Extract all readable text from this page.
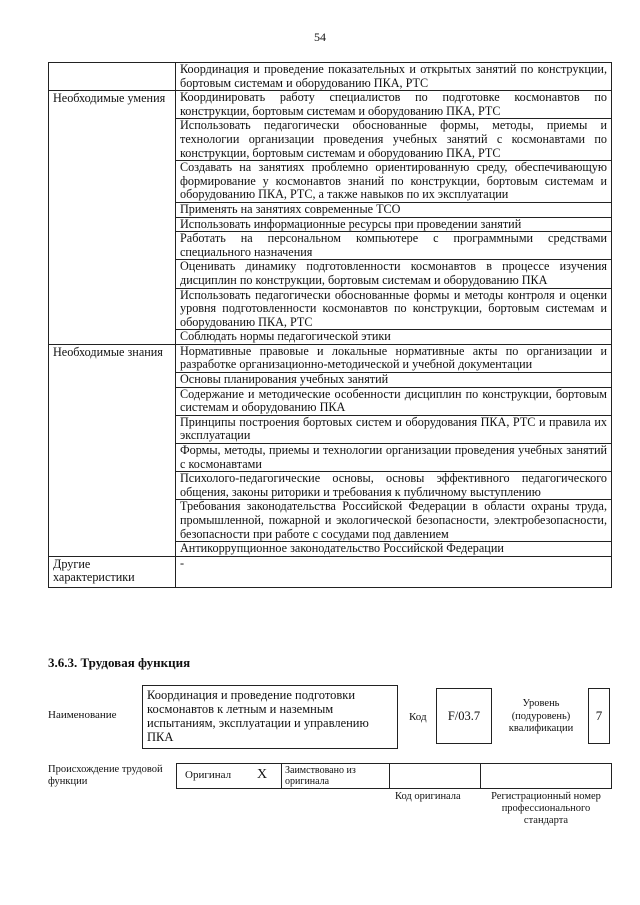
54
	Координация и проведение показательных и открытых занятий по конструкции, бортовым системам и оборудованию ПКА, РТС
Необходимые умения	Координировать работу специалистов по подготовке космонавтов по конструкции, бортовым системам и оборудованию ПКА, РТС
	Использовать педагогически обоснованные формы, методы, приемы и технологии организации проведения учебных занятий с космонавтами по конструкции, бортовым системам и оборудованию ПКА, РТС
	Создавать на занятиях проблемно ориентированную среду, обеспечивающую формирование у космонавтов знаний по конструкции, бортовым системам и оборудованию ПКА, РТС, а также навыков по их эксплуатации
	Применять на занятиях современные ТСО
	Использовать информационные ресурсы при проведении занятий
	Работать на персональном компьютере с программными средствами специального назначения
	Оценивать динамику подготовленности космонавтов в процессе изучения дисциплин по конструкции, бортовым системам и оборудованию ПКА
	Использовать педагогически обоснованные формы и методы контроля и оценки уровня подготовленности космонавтов по конструкции, бортовым системам и оборудованию ПКА, РТС
	Соблюдать нормы педагогической этики
Необходимые знания	Нормативные правовые и локальные нормативные акты по организации и разработке организационно-методической и учебной документации
	Основы планирования учебных занятий
	Содержание и методические особенности дисциплин по конструкции, бортовым системам и оборудованию ПКА
	Принципы построения бортовых систем и оборудования ПКА, РТС и правила их эксплуатации
	Формы, методы, приемы и технологии организации проведения учебных занятий с космонавтами
	Психолого-педагогические основы, основы эффективного педагогического общения, законы риторики и требования к публичному выступлению
	Требования законодательства Российской Федерации в области охраны труда, промышленной, пожарной и экологической безопасности, электробезопасности, безопасности при работе с сосудами под давлением
	Антикоррупционное законодательство Российской Федерации
Другие характеристики	-
3.6.3. Трудовая функция
Наименование
Координация и проведение подготовки космонавтов к летным и наземным испытаниям, эксплуатации и управлению ПКА
Код	F/03.7
Уровень (подуровень) квалификации
7
Происхождение трудовой функции
Оригинал X Заимствовано из оригинала
Код оригинала	Регистрационный номер профессионального стандарта
